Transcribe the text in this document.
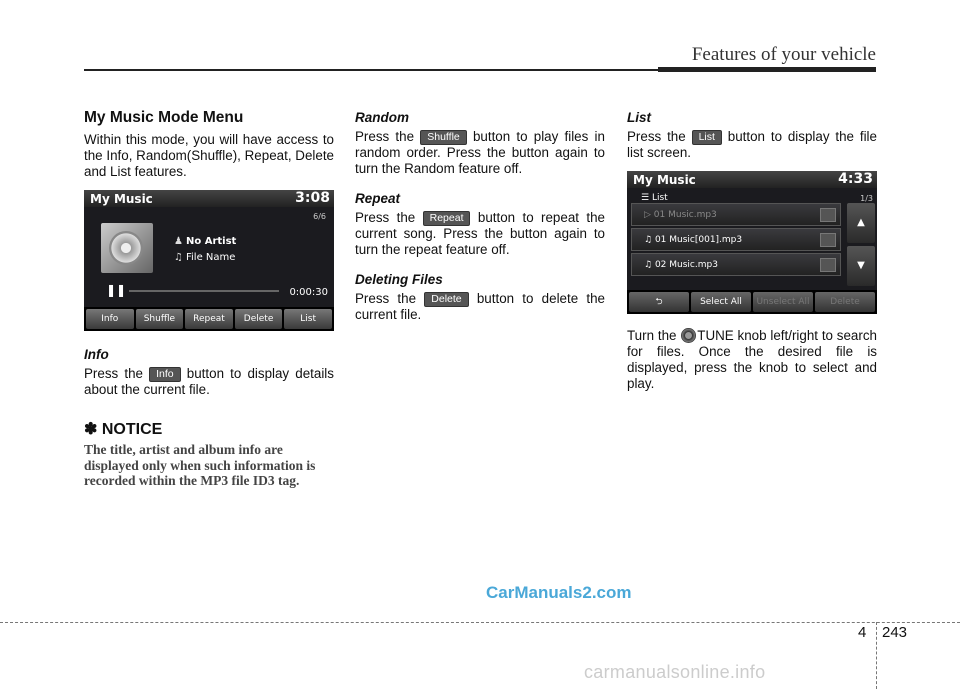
Features of your vehicle
My Music Mode Menu

Within this mode, you will have access to the Info, Random(Shuffle), Repeat, Delete and List features.

My Music	3:08
6/6
♟ No Artist
♫ File Name
❚❚	0:00:30
Info	Shuffle	Repeat	Delete	List
Info

Press the Info button to display details about the current file.

✽ NOTICE

The title, artist and album info are displayed only when such information is recorded within the MP3 file ID3 tag.

Random

Press the Shuffle button to play files in random order. Press the button again to turn the Random feature off.

Repeat

Press the Repeat button to repeat the current song. Press the button again to turn the repeat feature off.

Deleting Files

Press the Delete button to delete the current file.

List

Press the List button to display the file list screen.

My Music	4:33
☰ List	1/3
▷ 01 Music.mp3
♫ 01 Music[001].mp3
♫ 02 Music.mp3
▲
▼
⮌	Select All	Unselect All	Delete

Turn the TUNE knob left/right to search for files. Once the desired file is displayed, press the knob to select and play.

CarManuals2.com
4 243
carmanualsonline.info
